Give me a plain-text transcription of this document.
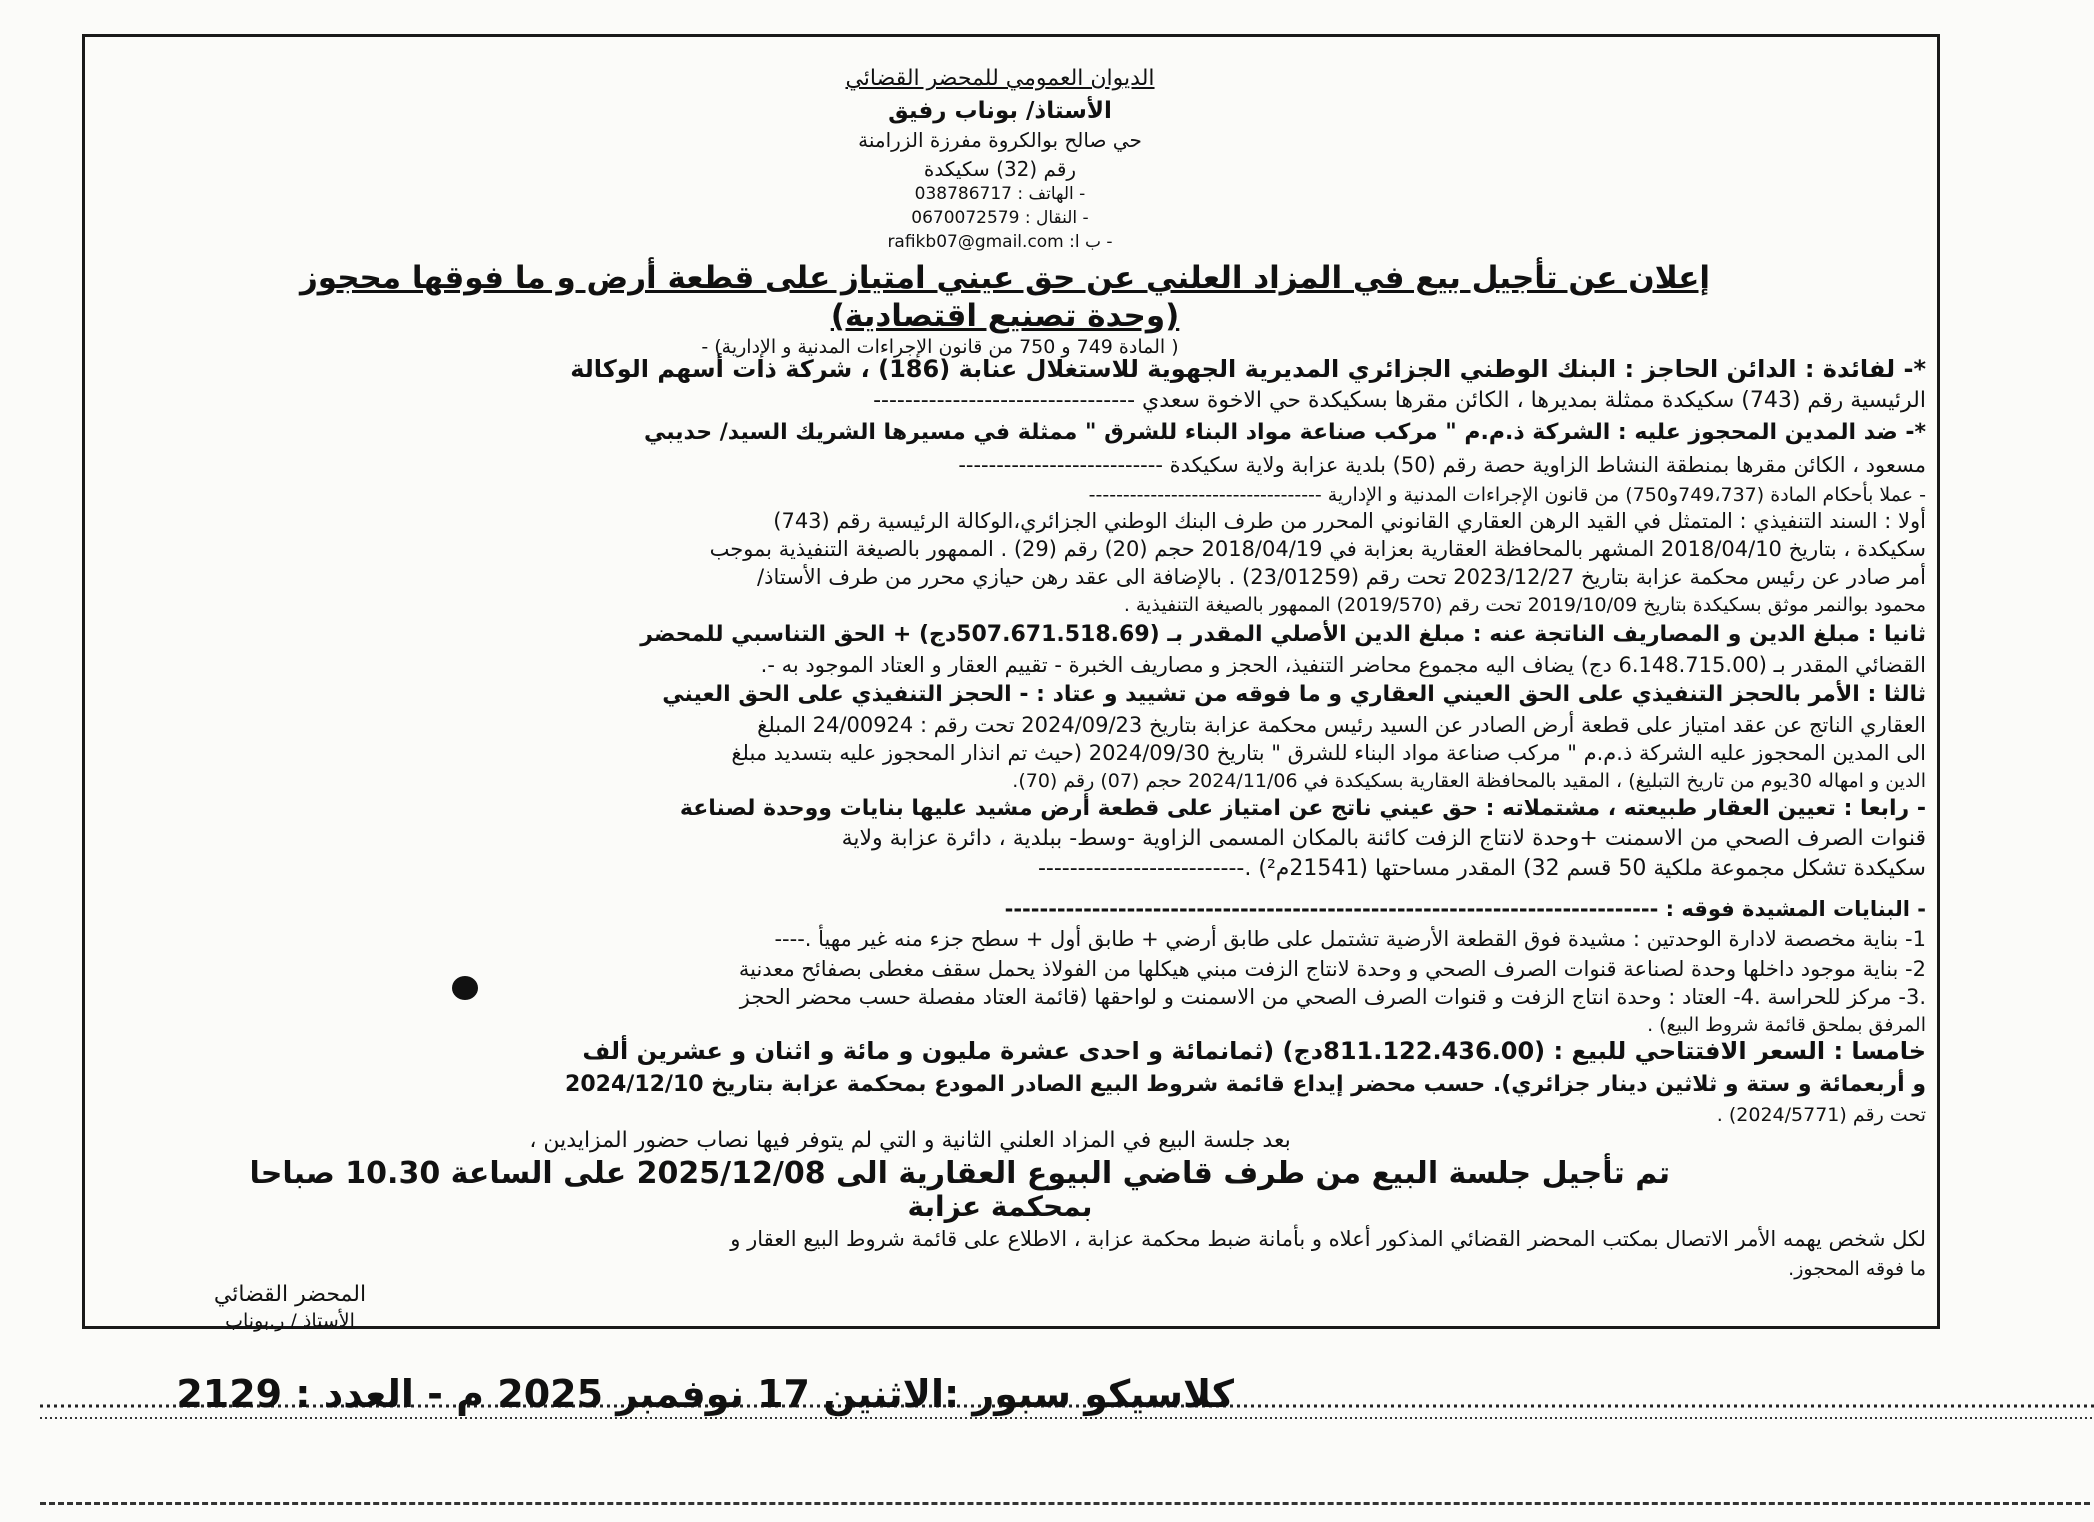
الديوان العمومي للمحضر القضائي
الأستاذ/ بوناب رفيق
حي صالح بوالكروة مفرزة الزرامنة
رقم (32) سكيكدة
- الهاتف : 038786717
- النقال : 0670072579
- ب ا: rafikb07@gmail.com
إعلان عن تأجيل بيع في المزاد العلني عن حق عيني امتياز على قطعة أرض و ما فوقها محجوز
(وحدة تصنيع اقتصادية)
( المادة 749 و 750 من قانون الإجراءات المدنية و الإدارية) -
*- لفائدة : الدائن الحاجز : البنك الوطني الجزائري المديرية الجهوية للاستغلال عنابة (186) ، شركة ذات أسهم الوكالة
الرئيسية رقم (743) سكيكدة ممثلة بمديرها ، الكائن مقرها بسكيكدة حي الاخوة سعدي ---------------------------------
*- ضد المدين المحجوز عليه : الشركة ذ.م.م " مركب صناعة مواد البناء للشرق " ممثلة في مسيرها الشريك السيد/ حديبي
مسعود ، الكائن مقرها بمنطقة النشاط الزاوية حصة رقم (50) بلدية عزابة ولاية سكيكدة ---------------------------
- عملا بأحكام المادة (749،737و750) من قانون الإجراءات المدنية و الإدارية ----------------------------------
أولا : السند التنفيذي : المتمثل في القيد الرهن العقاري القانوني المحرر من طرف البنك الوطني الجزائري،الوكالة الرئيسية رقم (743)
سكيكدة ، بتاريخ 2018/04/10 المشهر بالمحافظة العقارية بعزابة في 2018/04/19 حجم (20) رقم (29) . الممهور بالصيغة التنفيذية بموجب
أمر صادر عن رئيس محكمة عزابة بتاريخ 2023/12/27 تحت رقم (23/01259) . بالإضافة الى عقد رهن حيازي محرر من طرف الأستاذ/
محمود بوالنمر موثق بسكيكدة بتاريخ 2019/10/09 تحت رقم (2019/570) الممهور بالصيغة التنفيذية .
ثانيا : مبلغ الدين و المصاريف الناتجة عنه : مبلغ الدين الأصلي المقدر بـ (507.671.518.69دج) + الحق التناسبي للمحضر
القضائي المقدر بـ (6.148.715.00 دج) يضاف اليه مجموع محاضر التنفيذ، الحجز و مصاريف الخبرة - تقييم العقار و العتاد الموجود به -.
ثالثا : الأمر بالحجز التنفيذي على الحق العيني العقاري و ما فوقه من تشييد و عتاد : - الحجز التنفيذي على الحق العيني
العقاري الناتج عن عقد امتياز على قطعة أرض الصادر عن السيد رئيس محكمة عزابة بتاريخ 2024/09/23 تحت رقم : 24/00924 المبلغ
الى المدين المحجوز عليه الشركة ذ.م.م " مركب صناعة مواد البناء للشرق " بتاريخ 2024/09/30 (حيث تم انذار المحجوز عليه بتسديد مبلغ
الدين و امهاله 30يوم من تاريخ التبليغ) ، المقيد بالمحافظة العقارية بسكيكدة في 2024/11/06 حجم (07) رقم (70).
- رابعا : تعيين العقار طبيعته ، مشتملاته : حق عيني ناتج عن امتياز على قطعة أرض مشيد عليها بنايات ووحدة لصناعة
قنوات الصرف الصحي من الاسمنت +وحدة لانتاج الزفت كائنة بالمكان المسمى الزاوية -وسط- ببلدية ، دائرة عزابة ولاية
سكيكدة تشكل مجموعة ملكية 50 قسم 32) المقدر مساحتها (21541م²) .--------------------------
- البنايات المشيدة فوقه : ---------------------------------------------------------------------------
1- بناية مخصصة لادارة الوحدتين : مشيدة فوق القطعة الأرضية تشتمل على طابق أرضي + طابق أول + سطح جزء منه غير مهيأ .----
2- بناية موجود داخلها وحدة لصناعة قنوات الصرف الصحي و وحدة لانتاج الزفت مبني هيكلها من الفولاذ يحمل سقف مغطى بصفائح معدنية
.3- مركز للحراسة .4- العتاد : وحدة انتاج الزفت و قنوات الصرف الصحي من الاسمنت و لواحقها (قائمة العتاد مفصلة حسب محضر الحجز
المرفق بملحق قائمة شروط البيع) .
خامسا : السعر الافتتاحي للبيع : (811.122.436.00دج) (ثمانمائة و احدى عشرة مليون و مائة و اثنان و عشرين ألف
و أربعمائة و ستة و ثلاثين دينار جزائري). حسب محضر إيداع قائمة شروط البيع الصادر المودع بمحكمة عزابة بتاريخ 2024/12/10
تحت رقم (2024/5771) .
بعد جلسة البيع في المزاد العلني الثانية و التي لم يتوفر فيها نصاب حضور المزايدين ،
تم تأجيل جلسة البيع من طرف قاضي البيوع العقارية الى 2025/12/08 على الساعة 10.30 صباحا
بمحكمة عزابة
لكل شخص يهمه الأمر الاتصال بمكتب المحضر القضائي المذكور أعلاه و بأمانة ضبط محكمة عزابة ، الاطلاع على قائمة شروط البيع العقار و
ما فوقه المحجوز.
المحضر القضائي
الأستاذ / ر.بوناب
كلاسيكو سبور :الاثنين 17 نوفمبر 2025 م - العدد : 2129
